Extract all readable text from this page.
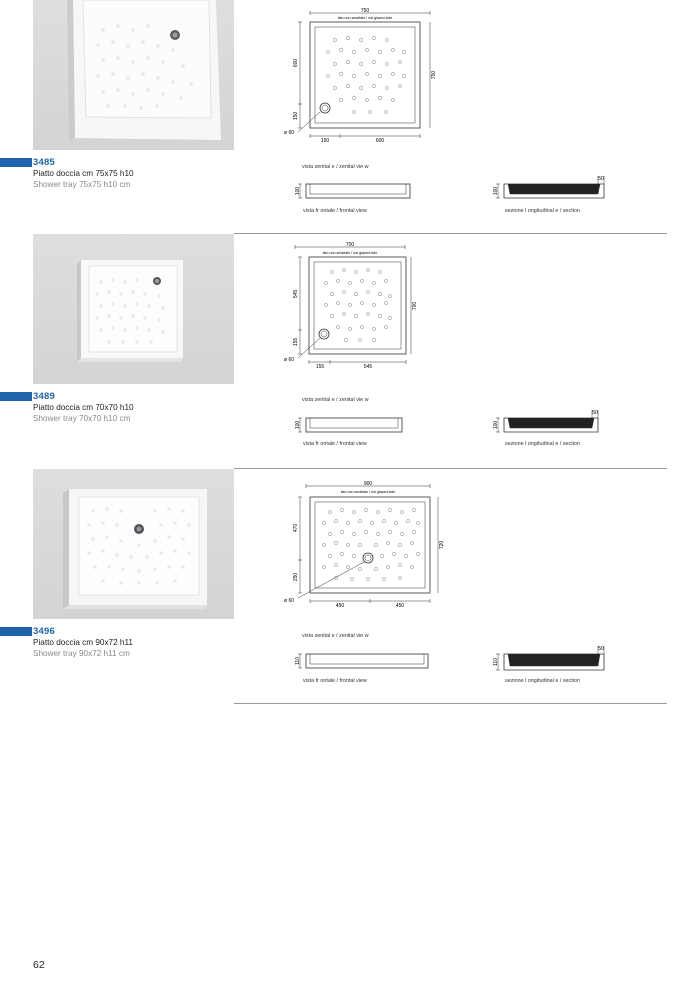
3485
Piatto doccia cm 75x75 h10
Shower tray 75x75 h10 cm
750
lato non smaltato / not glazed side
600
150
750
150	600
ø 60
vista zenital e / zenital vie w
100
vista fr ontale / frontal view
50
100
sezione l ongitudinal e / section
3489
Piatto doccia cm 70x70 h10
Shower tray 70x70 h10 cm
700
lato non smaltato / not glazed side
545
155
700
155	545
ø 60
vista zenital e / zenital vie w
100
vista fr ontale / frontal view
50
100
sezione l ongitudinal e / section
3496
Piatto doccia cm 90x72 h11
Shower tray 90x72 h11 cm
900
lato non smaltato / not glazed side
470
250
720
450	450
ø 60
vista zenital e / zenital vie w
110
vista fr ontale / frontal view
50
110
sezione l ongitudinal e / section
62
